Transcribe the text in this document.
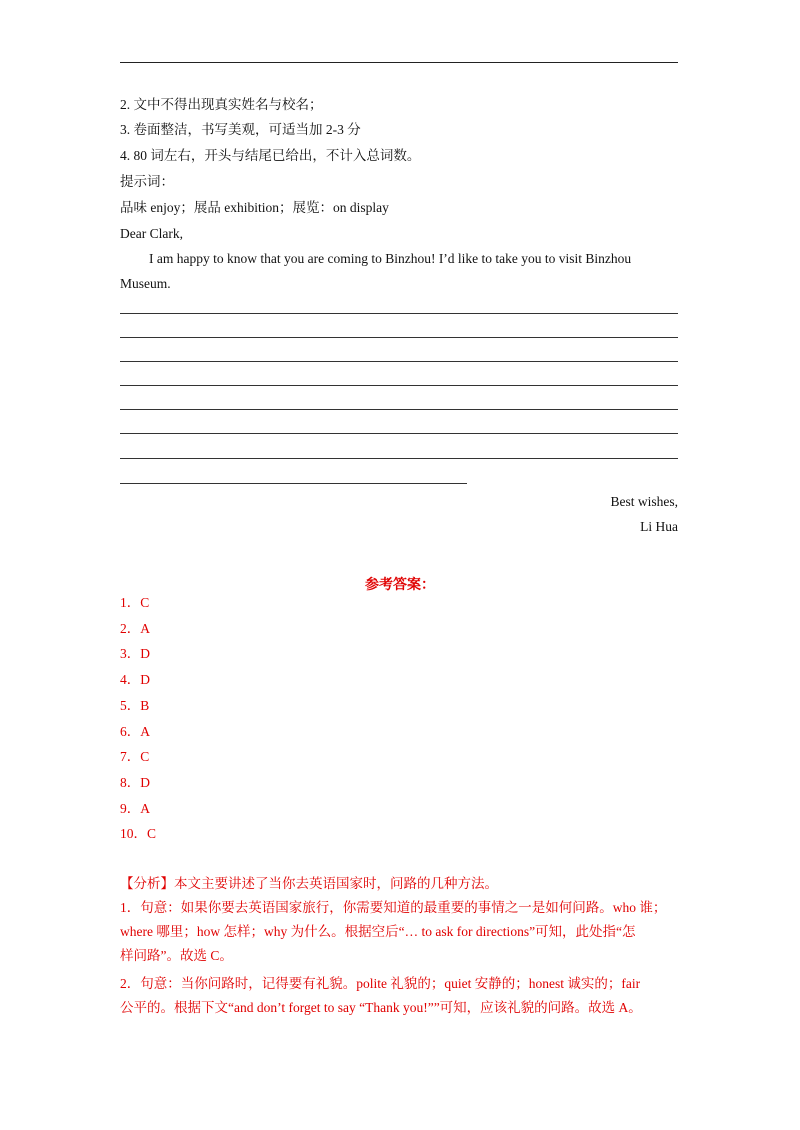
2. 文中不得出现真实姓名与校名；
3. 卷面整洁，书写美观，可适当加 2-3 分
4. 80 词左右，开头与结尾已给出，不计入总词数。
提示词：
品味 enjoy；展品 exhibition；展览：on display
Dear Clark,
I am happy to know that you are coming to Binzhou! I’d like to take you to visit Binzhou
Museum.
Best wishes,
Li Hua
参考答案：
1．C
2．A
3．D
4．D
5．B
6．A
7．C
8．D
9．A
10．C
【分析】本文主要讲述了当你去英语国家时，问路的几种方法。
1．句意：如果你要去英语国家旅行，你需要知道的最重要的事情之一是如何问路。who 谁；
where 哪里；how 怎样；why 为什么。根据空后“… to ask for directions”可知，此处指“怎
样问路”。故选 C。
2．句意：当你问路时，记得要有礼貌。polite 礼貌的；quiet 安静的；honest 诚实的；fair
公平的。根据下文“and don’t forget to say “Thank you!””可知，应该礼貌的问路。故选 A。
